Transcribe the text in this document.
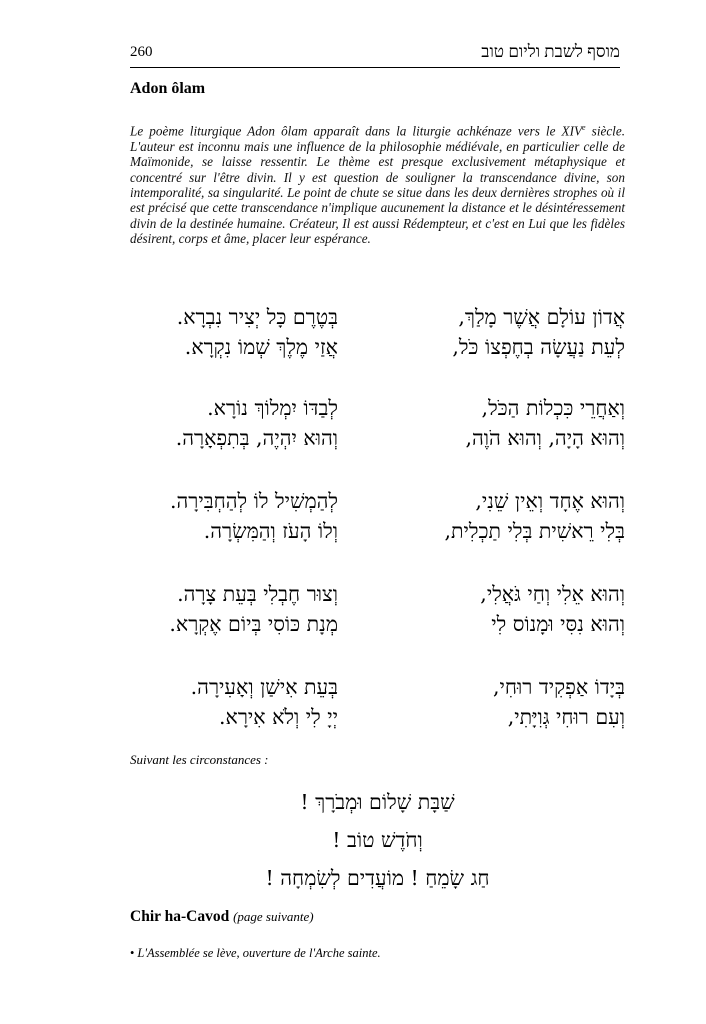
260	מוסף לשבת וליום טוב
Adon ôlam
Le poème liturgique Adon ôlam apparaît dans la liturgie achkénaze vers le XIVe siècle. L'auteur est inconnu mais une influence de la philosophie médiévale, en particulier celle de Maïmonide, se laisse ressentir. Le thème est presque exclusivement métaphysique et concentré sur l'être divin. Il y est question de souligner la transcendance divine, son intemporalité, sa singularité. Le point de chute se situe dans les deux dernières strophes où il est précisé que cette transcendance n'implique aucunement la distance et le désintéressement divin de la destinée humaine. Créateur, Il est aussi Rédempteur, et c'est en Lui que les fidèles désirent, corps et âme, placer leur espérance.
אֲדוֹן עוֹלָם אֲשֶׁר מָלַךְ,
בְּטֶרֶם כָּל יְצִיר נִבְרָא.
לְעֵת נַעֲשָׂה בְחֶפְצוֹ כֹּל,
אֲזַי מֶלֶךְ שְׁמוֹ נִקְרָא.
וְאַחֲרֵי כִּכְלוֹת הַכֹּל,
לְבַדּוֹ יִמְלוֹךְ נוֹרָא.
וְהוּא הָיָה, וְהוּא הֹוֶה,
וְהוּא יִהְיֶה, בְּתִפְאָרָה.
וְהוּא אֶחָד וְאֵין שֵׁנִי,
לְהַמְשִׁיל לוֹ לְהַחְבִּירָה.
בְּלִי רֵאשִׁית בְּלִי תַכְלִית,
וְלוֹ הָעֹז וְהַמִּשְׂרָה.
וְהוּא אֵלִי וְחַי גֹּאֲלִי,
וְצוּר חֶבְלִי בְּעֵת צָרָה.
וְהוּא נִסִּי וּמָנוֹס לִי
מְנָת כּוֹסִי בְּיוֹם אֶקְרָא.
בְּיָדוֹ אַפְקִיד רוּחִי,
בְּעֵת אִישַׁן וְאָעִירָה.
וְעִם רוּחִי גְּוִיָּתִי,
יְיָ לִי וְלֹא אִירָא.
Suivant les circonstances :
שַׁבָּת שָׁלוֹם וּמְבֹרָךְ !
וְחֹדֶשׁ טוֹב !
חַג שָׂמֵחַ ! מוֹעֲדִים לְשִׂמְחָה !
Chir ha-Cavod (page suivante)
• L'Assemblée se lève, ouverture de l'Arche sainte.
